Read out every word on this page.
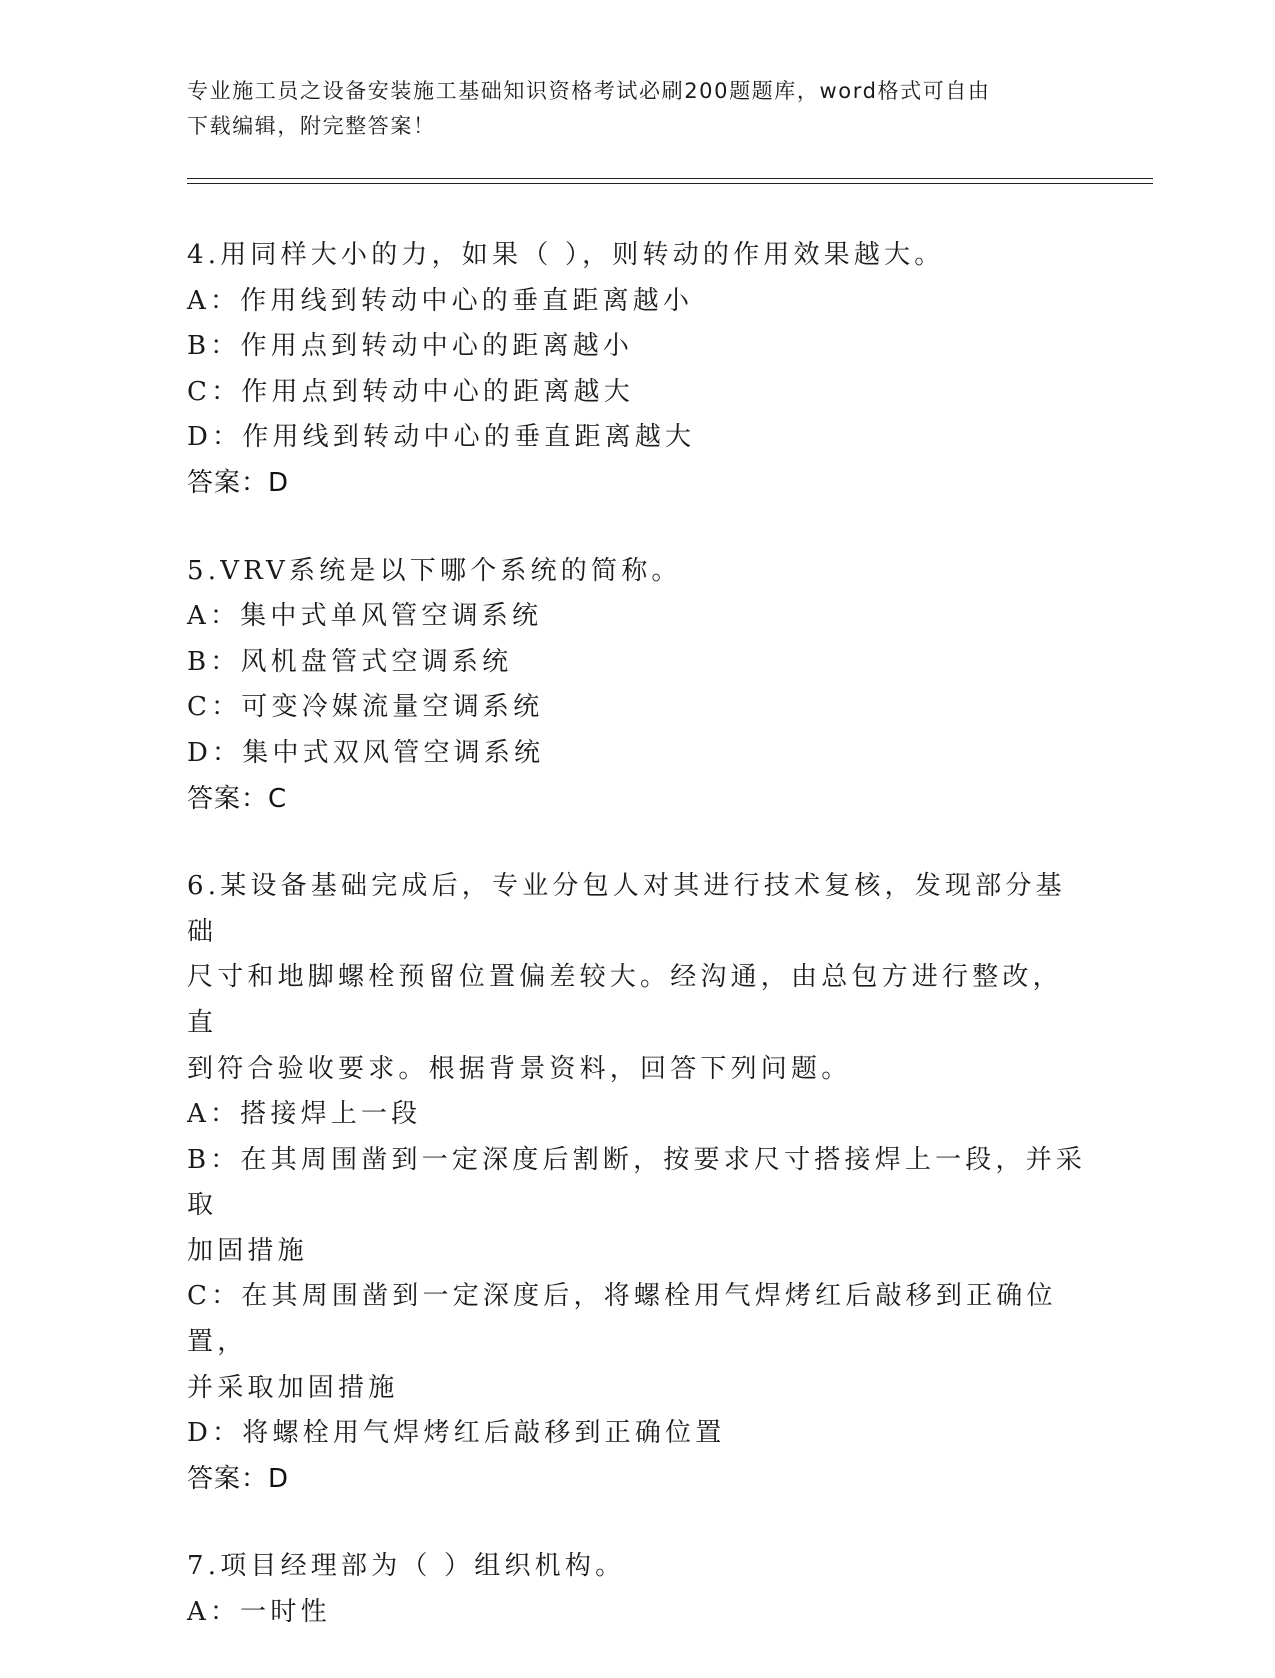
专业施工员之设备安装施工基础知识资格考试必刷200题题库，word格式可自由
下载编辑，附完整答案！
4.用同样大小的力，如果（ ），则转动的作用效果越大。
A：作用线到转动中心的垂直距离越小
B：作用点到转动中心的距离越小
C：作用点到转动中心的距离越大
D：作用线到转动中心的垂直距离越大
答案：D
5.VRV系统是以下哪个系统的简称。
A：集中式单风管空调系统
B：风机盘管式空调系统
C：可变冷媒流量空调系统
D：集中式双风管空调系统
答案：C
6.某设备基础完成后，专业分包人对其进行技术复核，发现部分基础
尺寸和地脚螺栓预留位置偏差较大。经沟通，由总包方进行整改，直
到符合验收要求。根据背景资料，回答下列问题。
A：搭接焊上一段
B：在其周围凿到一定深度后割断，按要求尺寸搭接焊上一段，并采取
加固措施
C：在其周围凿到一定深度后，将螺栓用气焊烤红后敲移到正确位置，
并采取加固措施
D：将螺栓用气焊烤红后敲移到正确位置
答案：D
7.项目经理部为（ ）组织机构。
A：一时性
